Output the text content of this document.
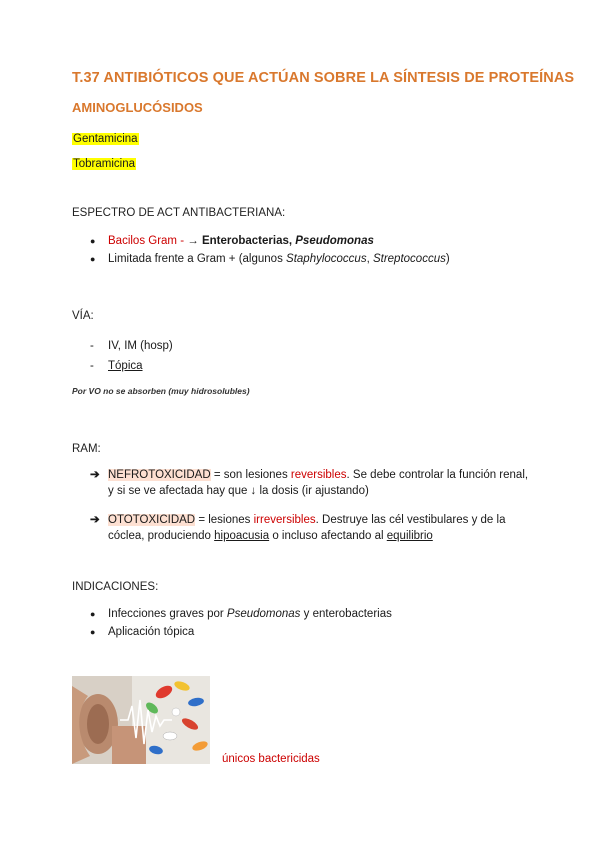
T.37 ANTIBIÓTICOS QUE ACTÚAN SOBRE LA SÍNTESIS DE PROTEÍNAS
AMINOGLUCÓSIDOS
Gentamicina
Tobramicina
ESPECTRO DE ACT ANTIBACTERIANA:
● Bacilos Gram - → Enterobacterias, Pseudomonas
● Limitada frente a Gram + (algunos Staphylococcus, Streptococcus)
VÍA:
- IV, IM (hosp)
- Tópica
Por VO no se absorben (muy hidrosolubles)
RAM:
➔ NEFROTOXICIDAD = son lesiones reversibles. Se debe controlar la función renal, y si se ve afectada hay que ↓ la dosis (ir ajustando)
➔ OTOTOXICIDAD = lesiones irreversibles. Destruye las cél vestibulares y de la cóclea, produciendo hipoacusia o incluso afectando al equilibrio
INDICACIONES:
● Infecciones graves por Pseudomonas y enterobacterias
● Aplicación tópica
únicos bactericidas
